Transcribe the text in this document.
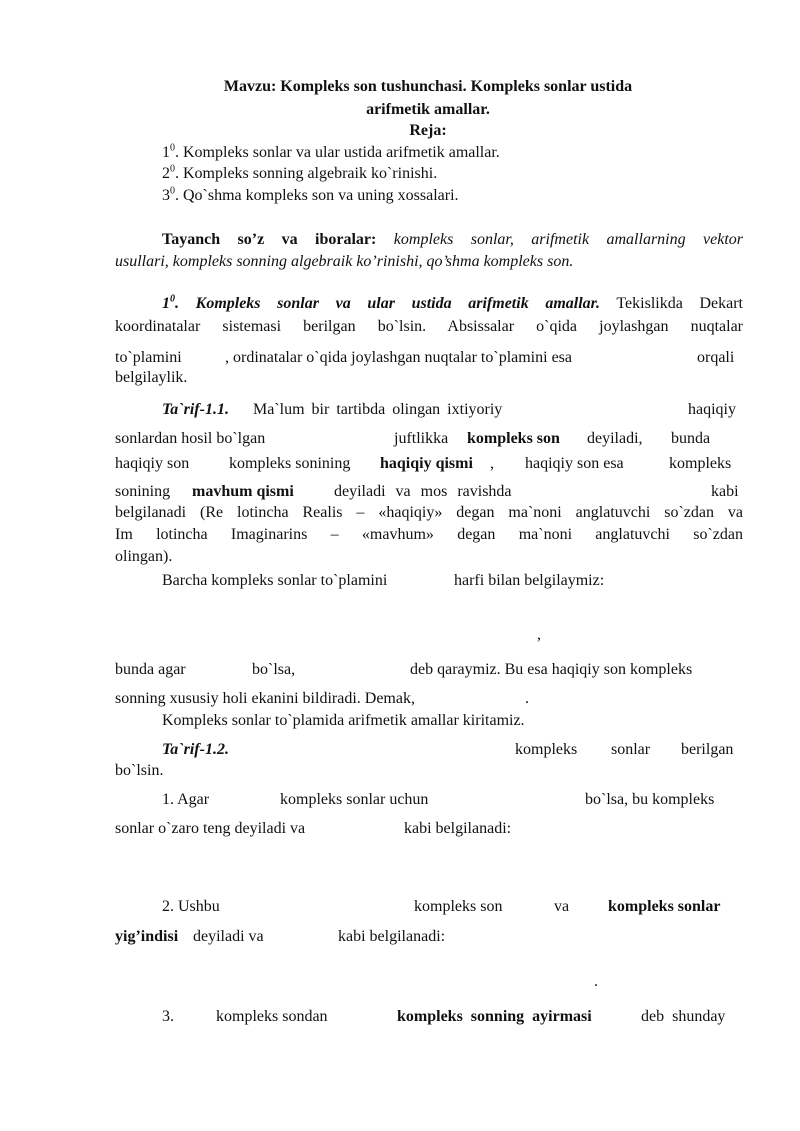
Mavzu: Kompleks son tushunchasi. Kompleks sonlar ustida
arifmetik amallar.
Reja:
$1^0$. Kompleks sonlar va ular ustida arifmetik amallar.
$2^0$. Kompleks sonning algebraik ko`rinishi.
$3^0$. Qo`shma kompleks son va uning xossalari.
Tayanch so’z va iboralar: kompleks sonlar, arifmetik amallarning vektor
usullari, kompleks sonning algebraik ko’rinishi, qo’shma kompleks son.
$1^0$. Kompleks sonlar va ular ustida arifmetik amallar. Tekislikda Dekart
koordinatalar sistemasi berilgan bo`lsin. Absissalar o`qida joylashgan nuqtalar
to`plamini	, ordinatalar o`qida joylashgan nuqtalar to`plamini esa	orqali
belgilaylik.
Ta`rif-1.1. Ma`lum bir tartibda olingan ixtiyoriy	haqiqiy
sonlardan hosil bo`lgan	juftlikka kompleks son deyiladi, bunda
haqiqiy son kompleks sonining haqiqiy qismi , haqiqiy son esa	kompleks
sonining mavhum qismi	deyiladi va mos ravishda	kabi
belgilanadi (Re lotincha Realis – «haqiqiy» degan ma`noni anglatuvchi so`zdan va
Im lotincha Imaginarins – «mavhum» degan ma`noni anglatuvchi so`zdan
olingan).
Barcha kompleks sonlar to`plamini	harfi bilan belgilaymiz:
,
bunda agar	bo`lsa,	deb qaraymiz. Bu esa haqiqiy son kompleks
sonning xususiy holi ekanini bildiradi. Demak,	.
Kompleks sonlar to`plamida arifmetik amallar kiritamiz.
Ta`rif-1.2.	kompleks sonlar berilgan
bo`lsin.
1. Agar	kompleks sonlar uchun	bo`lsa, bu kompleks
sonlar o`zaro teng deyiladi va	kabi belgilanadi:
2. Ushbu	kompleks son	va kompleks sonlar
yig’indisi deyiladi va	kabi belgilanadi:
.
3.	kompleks sondan	kompleks sonning ayirmasi	deb shunday
